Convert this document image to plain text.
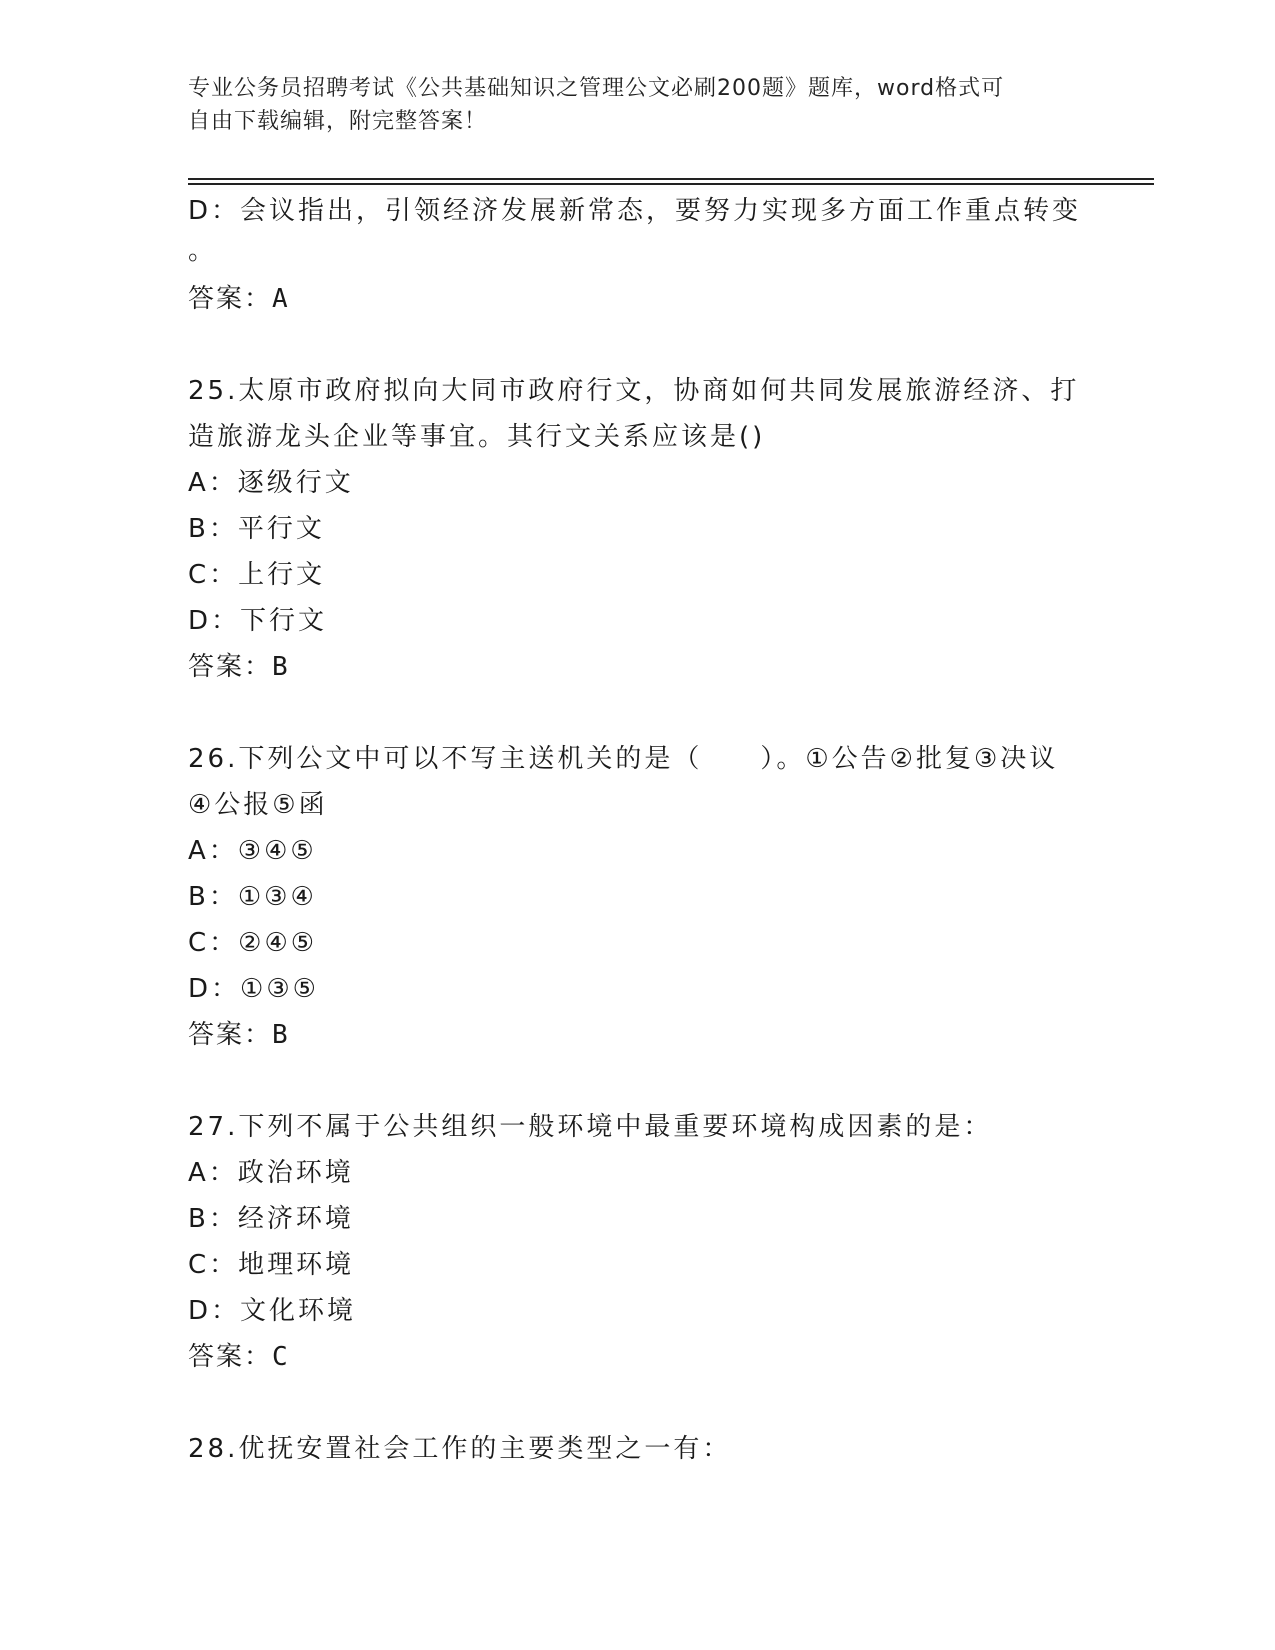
专业公务员招聘考试《公共基础知识之管理公文必刷200题》题库，word格式可
自由下载编辑，附完整答案！
D：会议指出，引领经济发展新常态，要努力实现多方面工作重点转变
。
答案：A
25.太原市政府拟向大同市政府行文，协商如何共同发展旅游经济、打
造旅游龙头企业等事宜。其行文关系应该是()
A：逐级行文
B：平行文
C：上行文
D：下行文
答案：B
26.下列公文中可以不写主送机关的是（　　）。①公告②批复③决议
④公报⑤函
A：③④⑤
B：①③④
C：②④⑤
D：①③⑤
答案：B
27.下列不属于公共组织一般环境中最重要环境构成因素的是：
A：政治环境
B：经济环境
C：地理环境
D：文化环境
答案：C
28.优抚安置社会工作的主要类型之一有：
